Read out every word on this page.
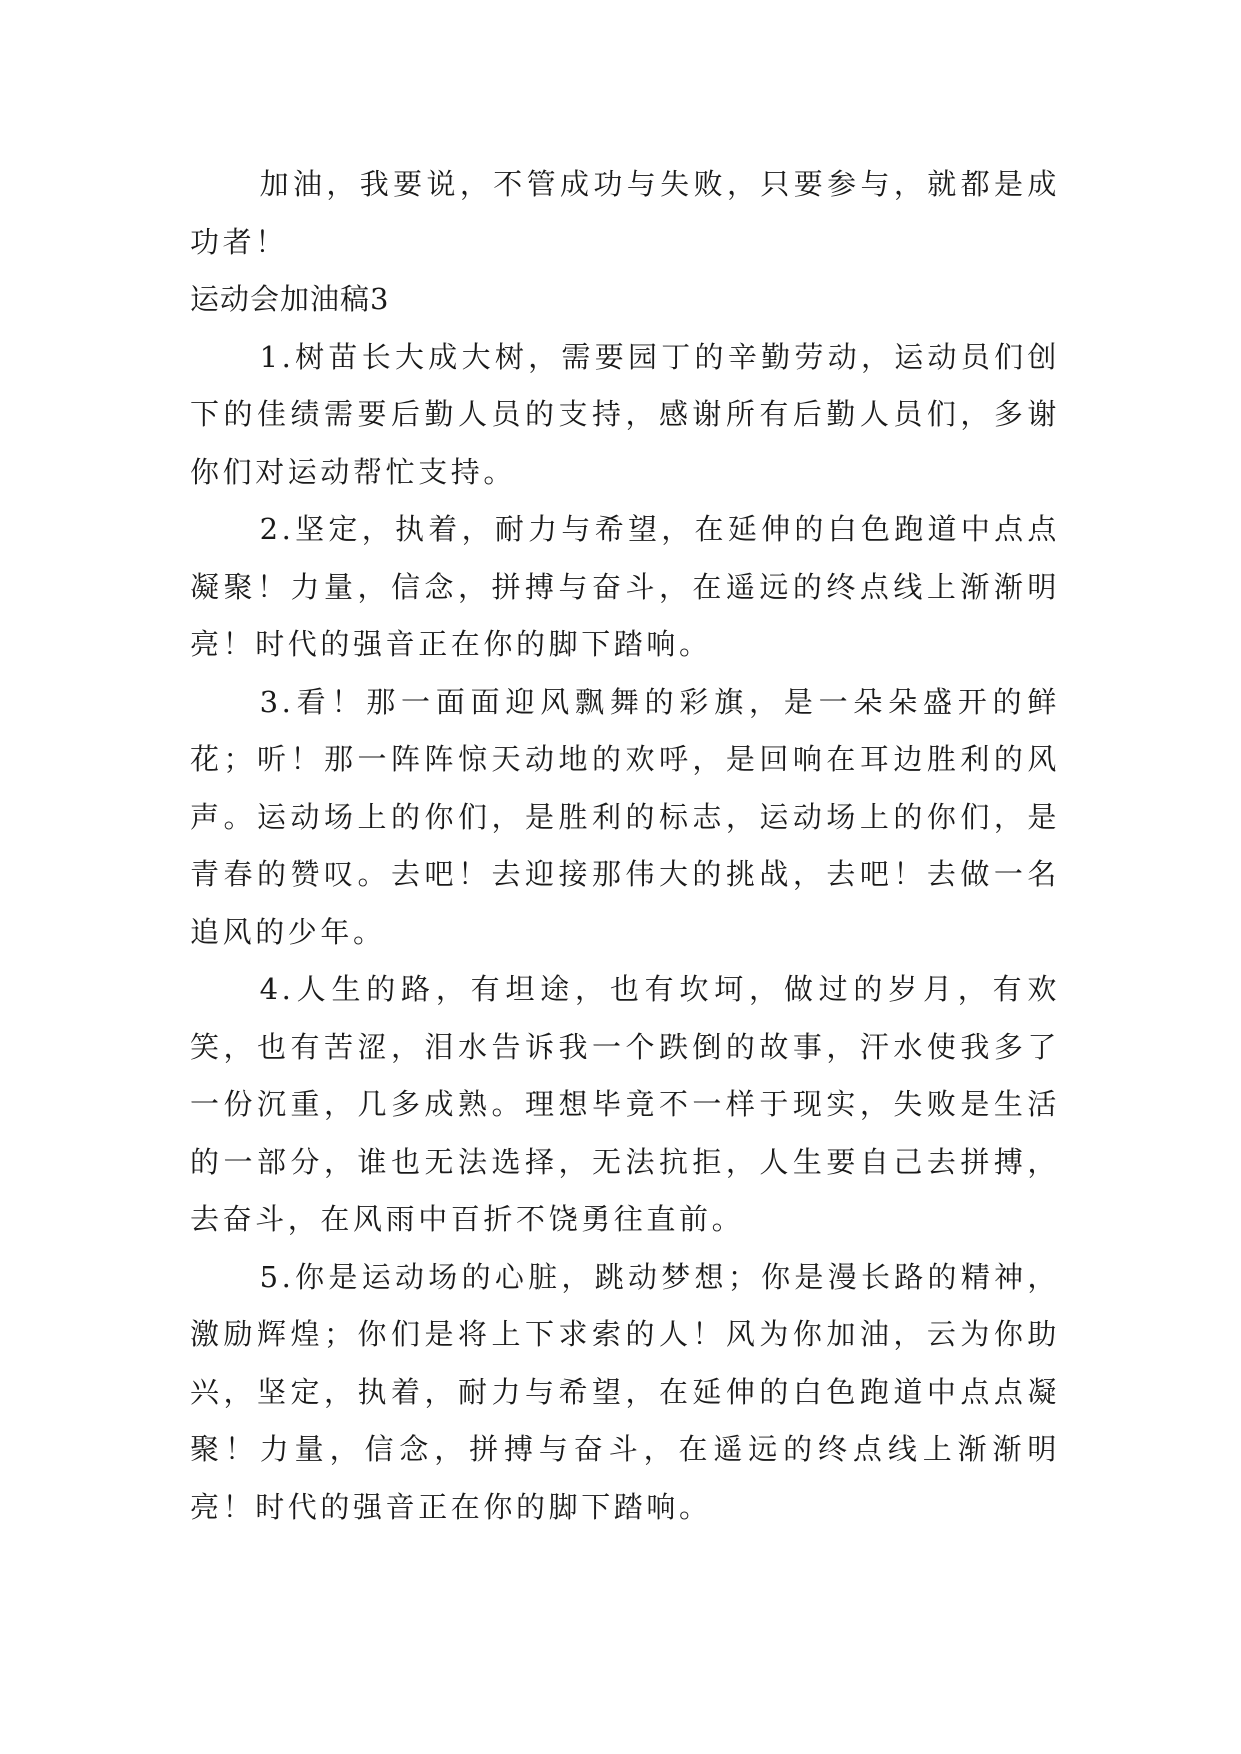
加油，我要说，不管成功与失败，只要参与，就都是成功者！

运动会加油稿3

1.树苗长大成大树，需要园丁的辛勤劳动，运动员们创下的佳绩需要后勤人员的支持，感谢所有后勤人员们，多谢你们对运动帮忙支持。

2.坚定，执着，耐力与希望，在延伸的白色跑道中点点凝聚！力量，信念，拼搏与奋斗，在遥远的终点线上渐渐明亮！时代的强音正在你的脚下踏响。

3.看！那一面面迎风飘舞的彩旗，是一朵朵盛开的鲜花；听！那一阵阵惊天动地的欢呼，是回响在耳边胜利的风声。运动场上的你们，是胜利的标志，运动场上的你们，是青春的赞叹。去吧！去迎接那伟大的挑战，去吧！去做一名追风的少年。

4.人生的路，有坦途，也有坎坷，做过的岁月，有欢笑，也有苦涩，泪水告诉我一个跌倒的故事，汗水使我多了一份沉重，几多成熟。理想毕竟不一样于现实，失败是生活的一部分，谁也无法选择，无法抗拒，人生要自己去拼搏，去奋斗，在风雨中百折不饶勇往直前。

5.你是运动场的心脏，跳动梦想；你是漫长路的精神，激励辉煌；你们是将上下求索的人！风为你加油，云为你助兴，坚定，执着，耐力与希望，在延伸的白色跑道中点点凝聚！力量，信念，拼搏与奋斗，在遥远的终点线上渐渐明亮！时代的强音正在你的脚下踏响。
